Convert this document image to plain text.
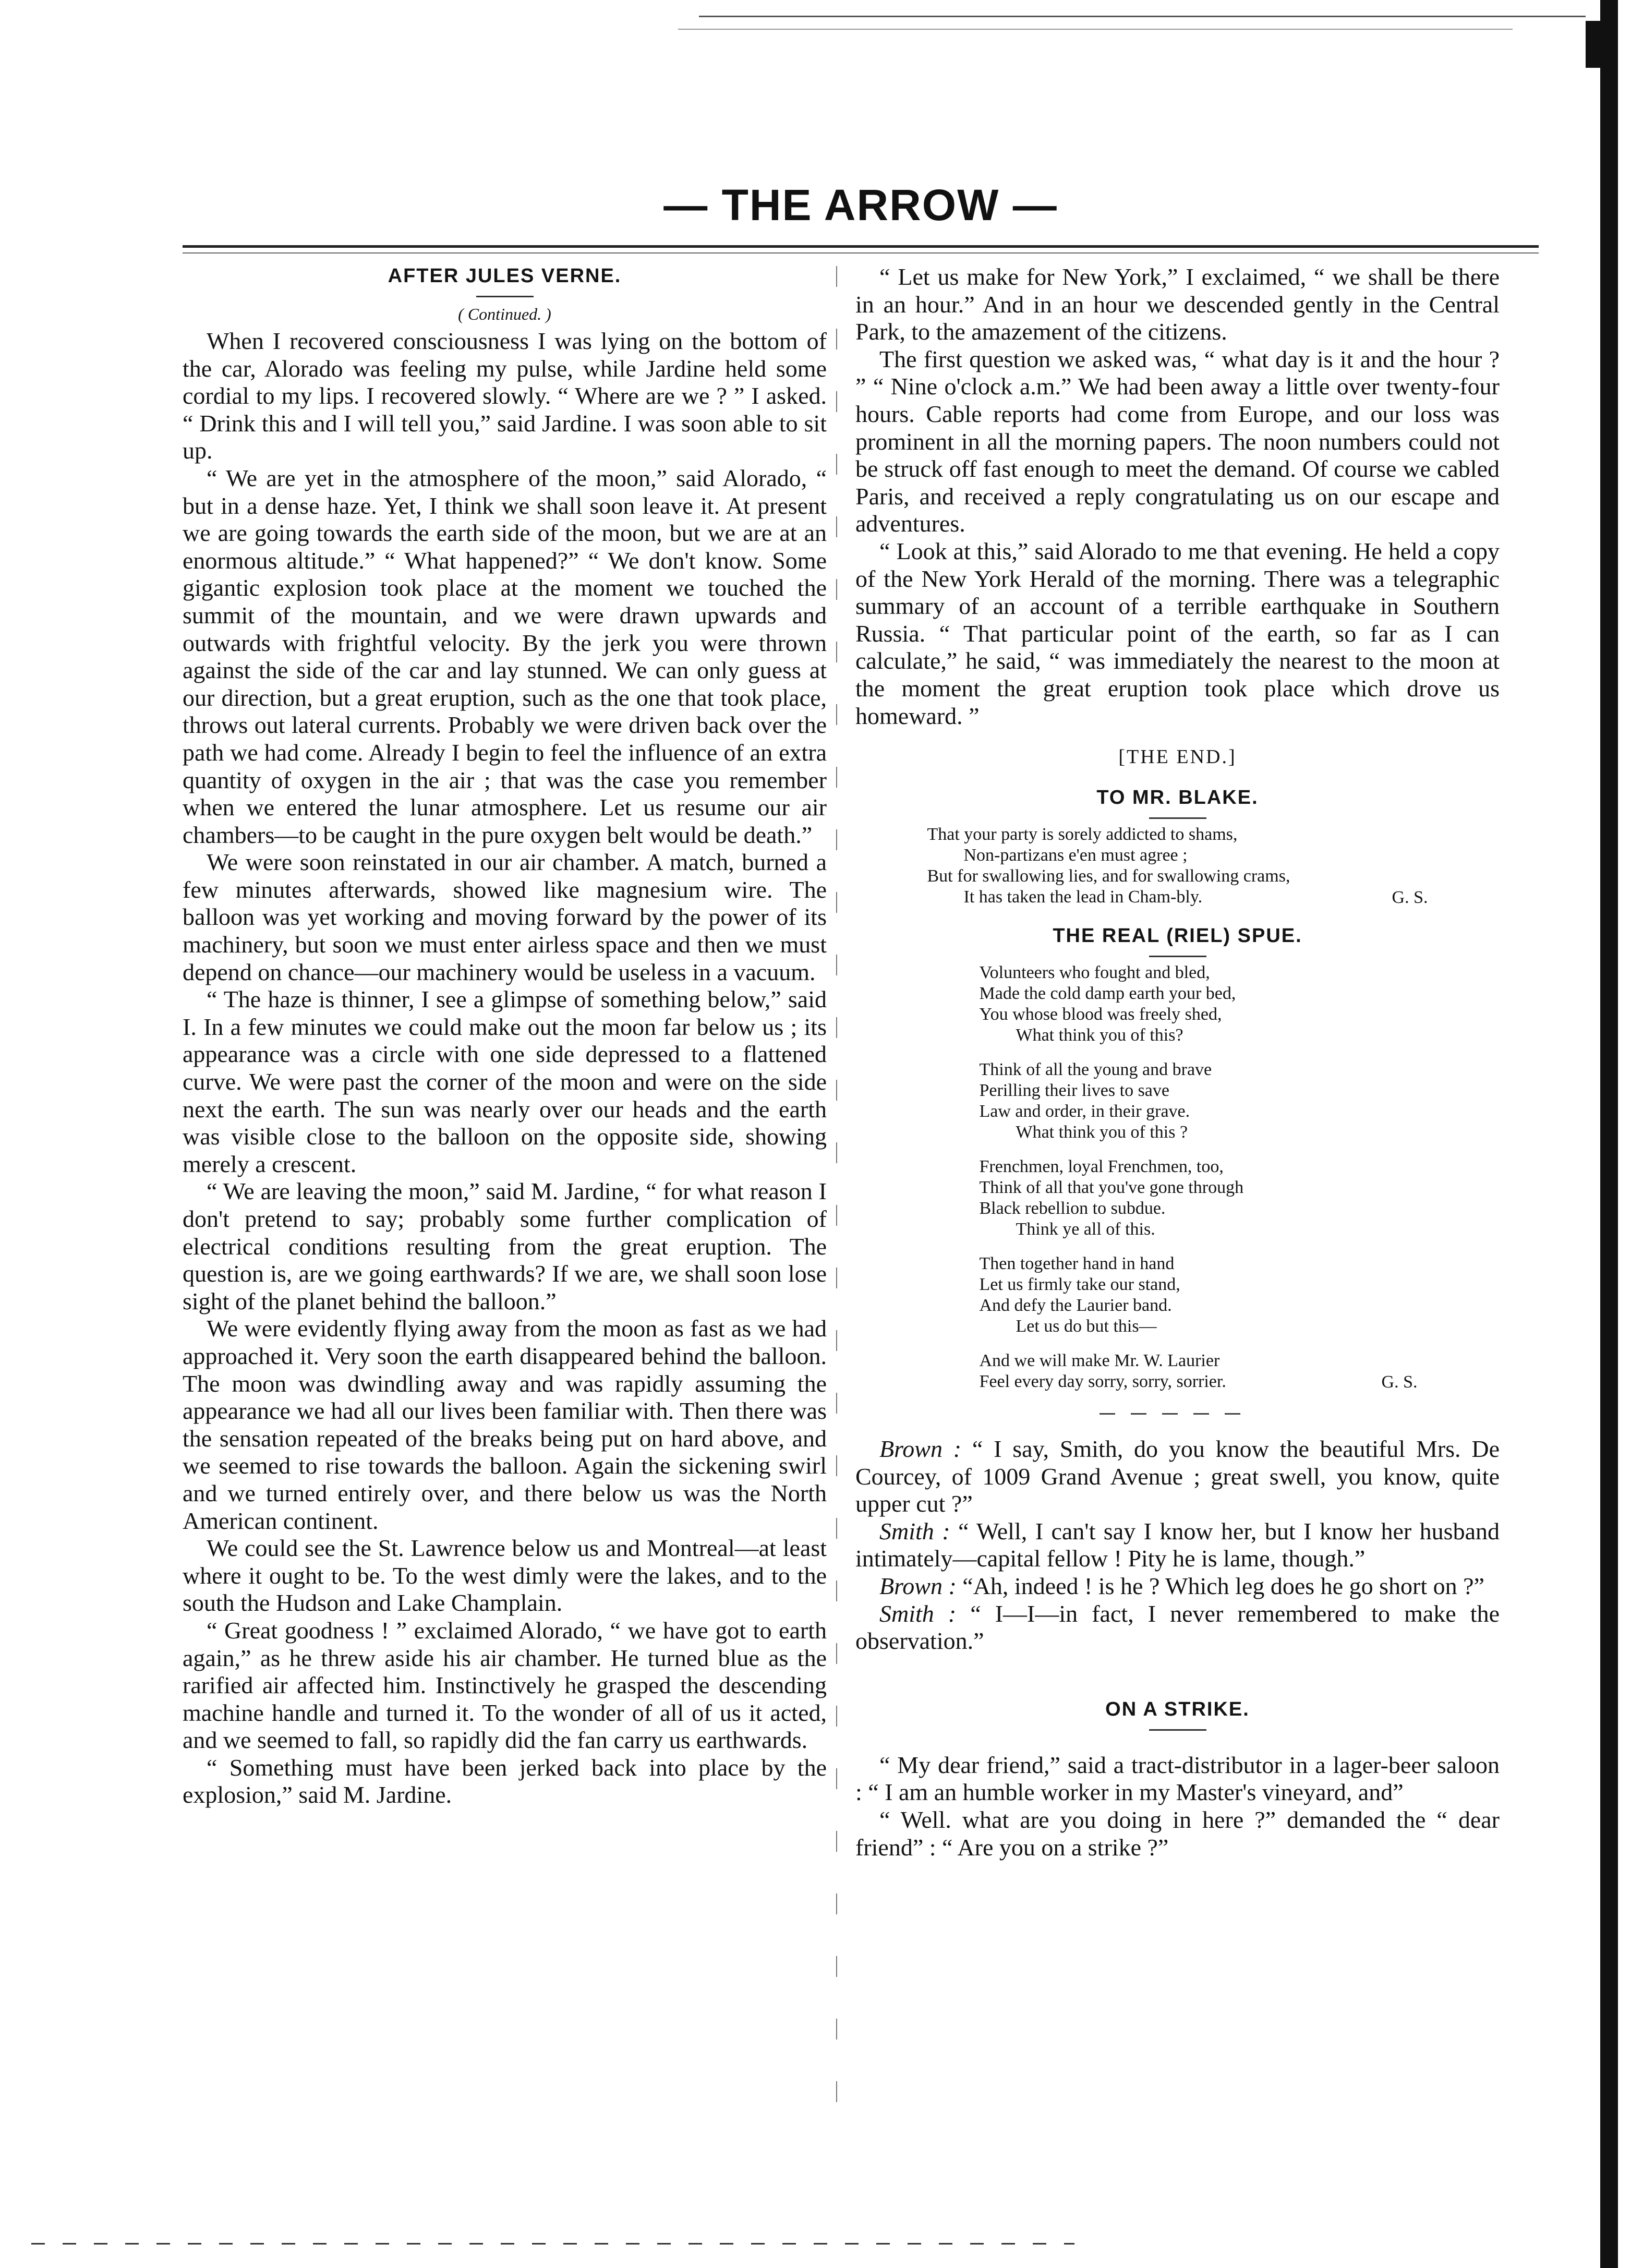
— THE ARROW —
AFTER JULES VERNE.

( Continued. )

When I recovered consciousness I was lying on the bottom of the car, Alorado was feeling my pulse, while Jardine held some cordial to my lips. I recovered slowly. “ Where are we ? ” I asked. “ Drink this and I will tell you,” said Jardine. I was soon able to sit up.

“ We are yet in the atmosphere of the moon,” said Alorado, “ but in a dense haze. Yet, I think we shall soon leave it. At present we are going towards the earth side of the moon, but we are at an enormous altitude.” “ What happened?” “ We don't know. Some gigantic explosion took place at the moment we touched the summit of the mountain, and we were drawn upwards and outwards with frightful velocity. By the jerk you were thrown against the side of the car and lay stunned. We can only guess at our direction, but a great eruption, such as the one that took place, throws out lateral currents. Probably we were driven back over the path we had come. Already I begin to feel the influence of an extra quantity of oxygen in the air ; that was the case you remember when we entered the lunar atmosphere. Let us resume our air chambers—to be caught in the pure oxygen belt would be death.”

We were soon reinstated in our air chamber. A match, burned a few minutes afterwards, showed like magnesium wire. The balloon was yet working and moving forward by the power of its machinery, but soon we must enter airless space and then we must depend on chance—our machinery would be useless in a vacuum.

“ The haze is thinner, I see a glimpse of something below,” said I. In a few minutes we could make out the moon far below us ; its appearance was a circle with one side depressed to a flattened curve. We were past the corner of the moon and were on the side next the earth. The sun was nearly over our heads and the earth was visible close to the balloon on the opposite side, showing merely a crescent.

“ We are leaving the moon,” said M. Jardine, “ for what reason I don't pretend to say; probably some further complication of electrical conditions resulting from the great eruption. The question is, are we going earthwards? If we are, we shall soon lose sight of the planet behind the balloon.”

We were evidently flying away from the moon as fast as we had approached it. Very soon the earth disappeared behind the balloon. The moon was dwindling away and was rapidly assuming the appearance we had all our lives been familiar with. Then there was the sensation repeated of the breaks being put on hard above, and we seemed to rise towards the balloon. Again the sickening swirl and we turned entirely over, and there below us was the North American continent.

We could see the St. Lawrence below us and Montreal—at least where it ought to be. To the west dimly were the lakes, and to the south the Hudson and Lake Champlain.

“ Great goodness ! ” exclaimed Alorado, “ we have got to earth again,” as he threw aside his air chamber. He turned blue as the rarified air affected him. Instinctively he grasped the descending machine handle and turned it. To the wonder of all of us it acted, and we seemed to fall, so rapidly did the fan carry us earthwards.

“ Something must have been jerked back into place by the explosion,” said M. Jardine.

“ Let us make for New York,” I exclaimed, “ we shall be there in an hour.” And in an hour we descended gently in the Central Park, to the amazement of the citizens.

The first question we asked was, “ what day is it and the hour ? ” “ Nine o'clock a.m.” We had been away a little over twenty-four hours. Cable reports had come from Europe, and our loss was prominent in all the morning papers. The noon numbers could not be struck off fast enough to meet the demand. Of course we cabled Paris, and received a reply congratulating us on our escape and adventures.

“ Look at this,” said Alorado to me that evening. He held a copy of the New York Herald of the morning. There was a telegraphic summary of an account of a terrible earthquake in Southern Russia. “ That particular point of the earth, so far as I can calculate,” he said, “ was immediately the nearest to the moon at the moment the great eruption took place which drove us homeward. ”

[THE END.]
TO MR. BLAKE.
That your party is sorely addicted to shams,
Non-partizans e'en must agree ;
But for swallowing lies, and for swallowing crams,
It has taken the lead in Cham-bly.	G. S.
THE REAL (RIEL) SPUE.
Volunteers who fought and bled,
Made the cold damp earth your bed,
You whose blood was freely shed,
What think you of this?
Think of all the young and brave
Perilling their lives to save
Law and order, in their grave.
What think you of this ?
Frenchmen, loyal Frenchmen, too,
Think of all that you've gone through
Black rebellion to subdue.
Think ye all of this.
Then together hand in hand
Let us firmly take our stand,
And defy the Laurier band.
Let us do but this—
And we will make Mr. W. Laurier
Feel every day sorry, sorry, sorrier.	G. S.

Brown : “ I say, Smith, do you know the beautiful Mrs. De Courcey, of 1009 Grand Avenue ; great swell, you know, quite upper cut ?”

Smith : “ Well, I can't say I know her, but I know her husband intimately—capital fellow ! Pity he is lame, though.”

Brown : “Ah, indeed ! is he ? Which leg does he go short on ?”

Smith : “ I—I—in fact, I never remembered to make the observation.”

ON A STRIKE.

“ My dear friend,” said a tract-distributor in a lager-beer saloon : “ I am an humble worker in my Master's vineyard, and”

“ Well. what are you doing in here ?” demanded the “ dear friend” : “ Are you on a strike ?”
